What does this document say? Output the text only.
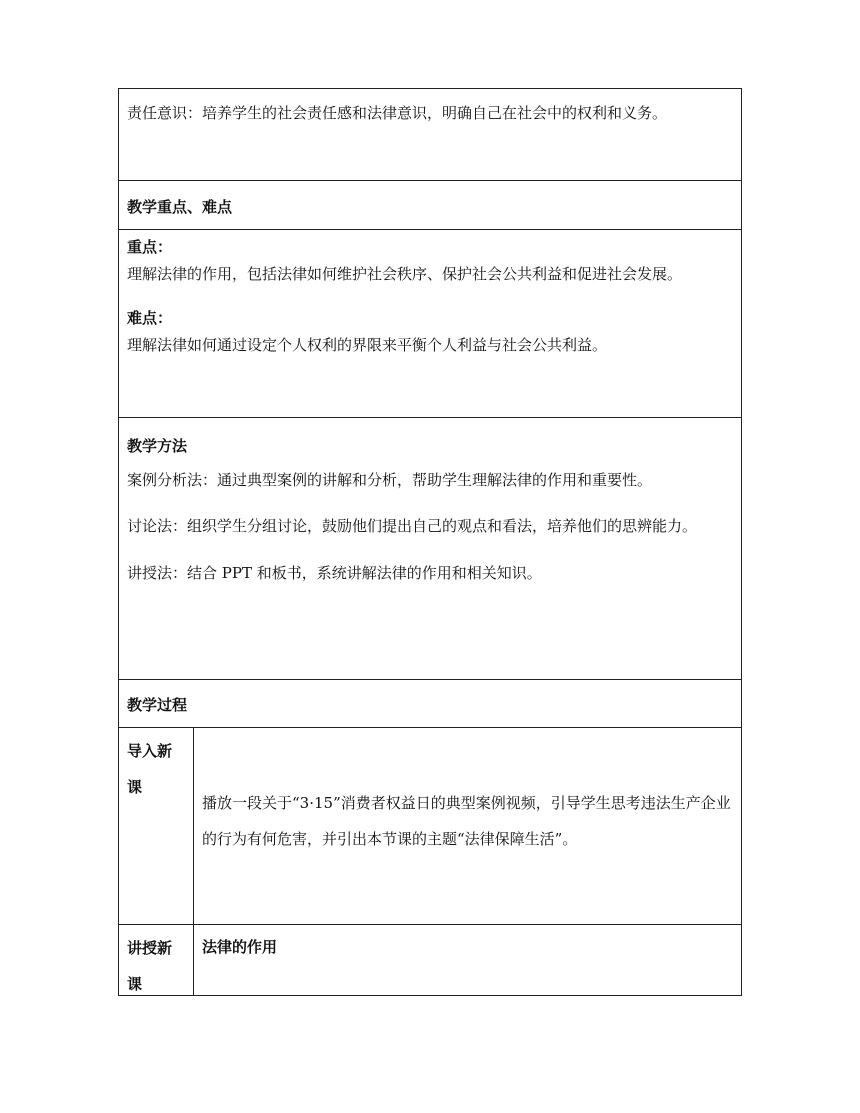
责任意识：培养学生的社会责任感和法律意识，明确自己在社会中的权利和义务。
教学重点、难点

重点：

理解法律的作用，包括法律如何维护社会秩序、保护社会公共利益和促进社会发展。

难点：

理解法律如何通过设定个人权利的界限来平衡个人利益与社会公共利益。

教学方法

案例分析法：通过典型案例的讲解和分析，帮助学生理解法律的作用和重要性。

讨论法：组织学生分组讨论，鼓励他们提出自己的观点和看法，培养他们的思辨能力。

讲授法：结合 PPT 和板书，系统讲解法律的作用和相关知识。

教学过程
导入新课
播放一段关于“3·15”消费者权益日的典型案例视频，引导学生思考违法生产企业的行为有何危害，并引出本节课的主题“法律保障生活”。
讲授新课
法律的作用
